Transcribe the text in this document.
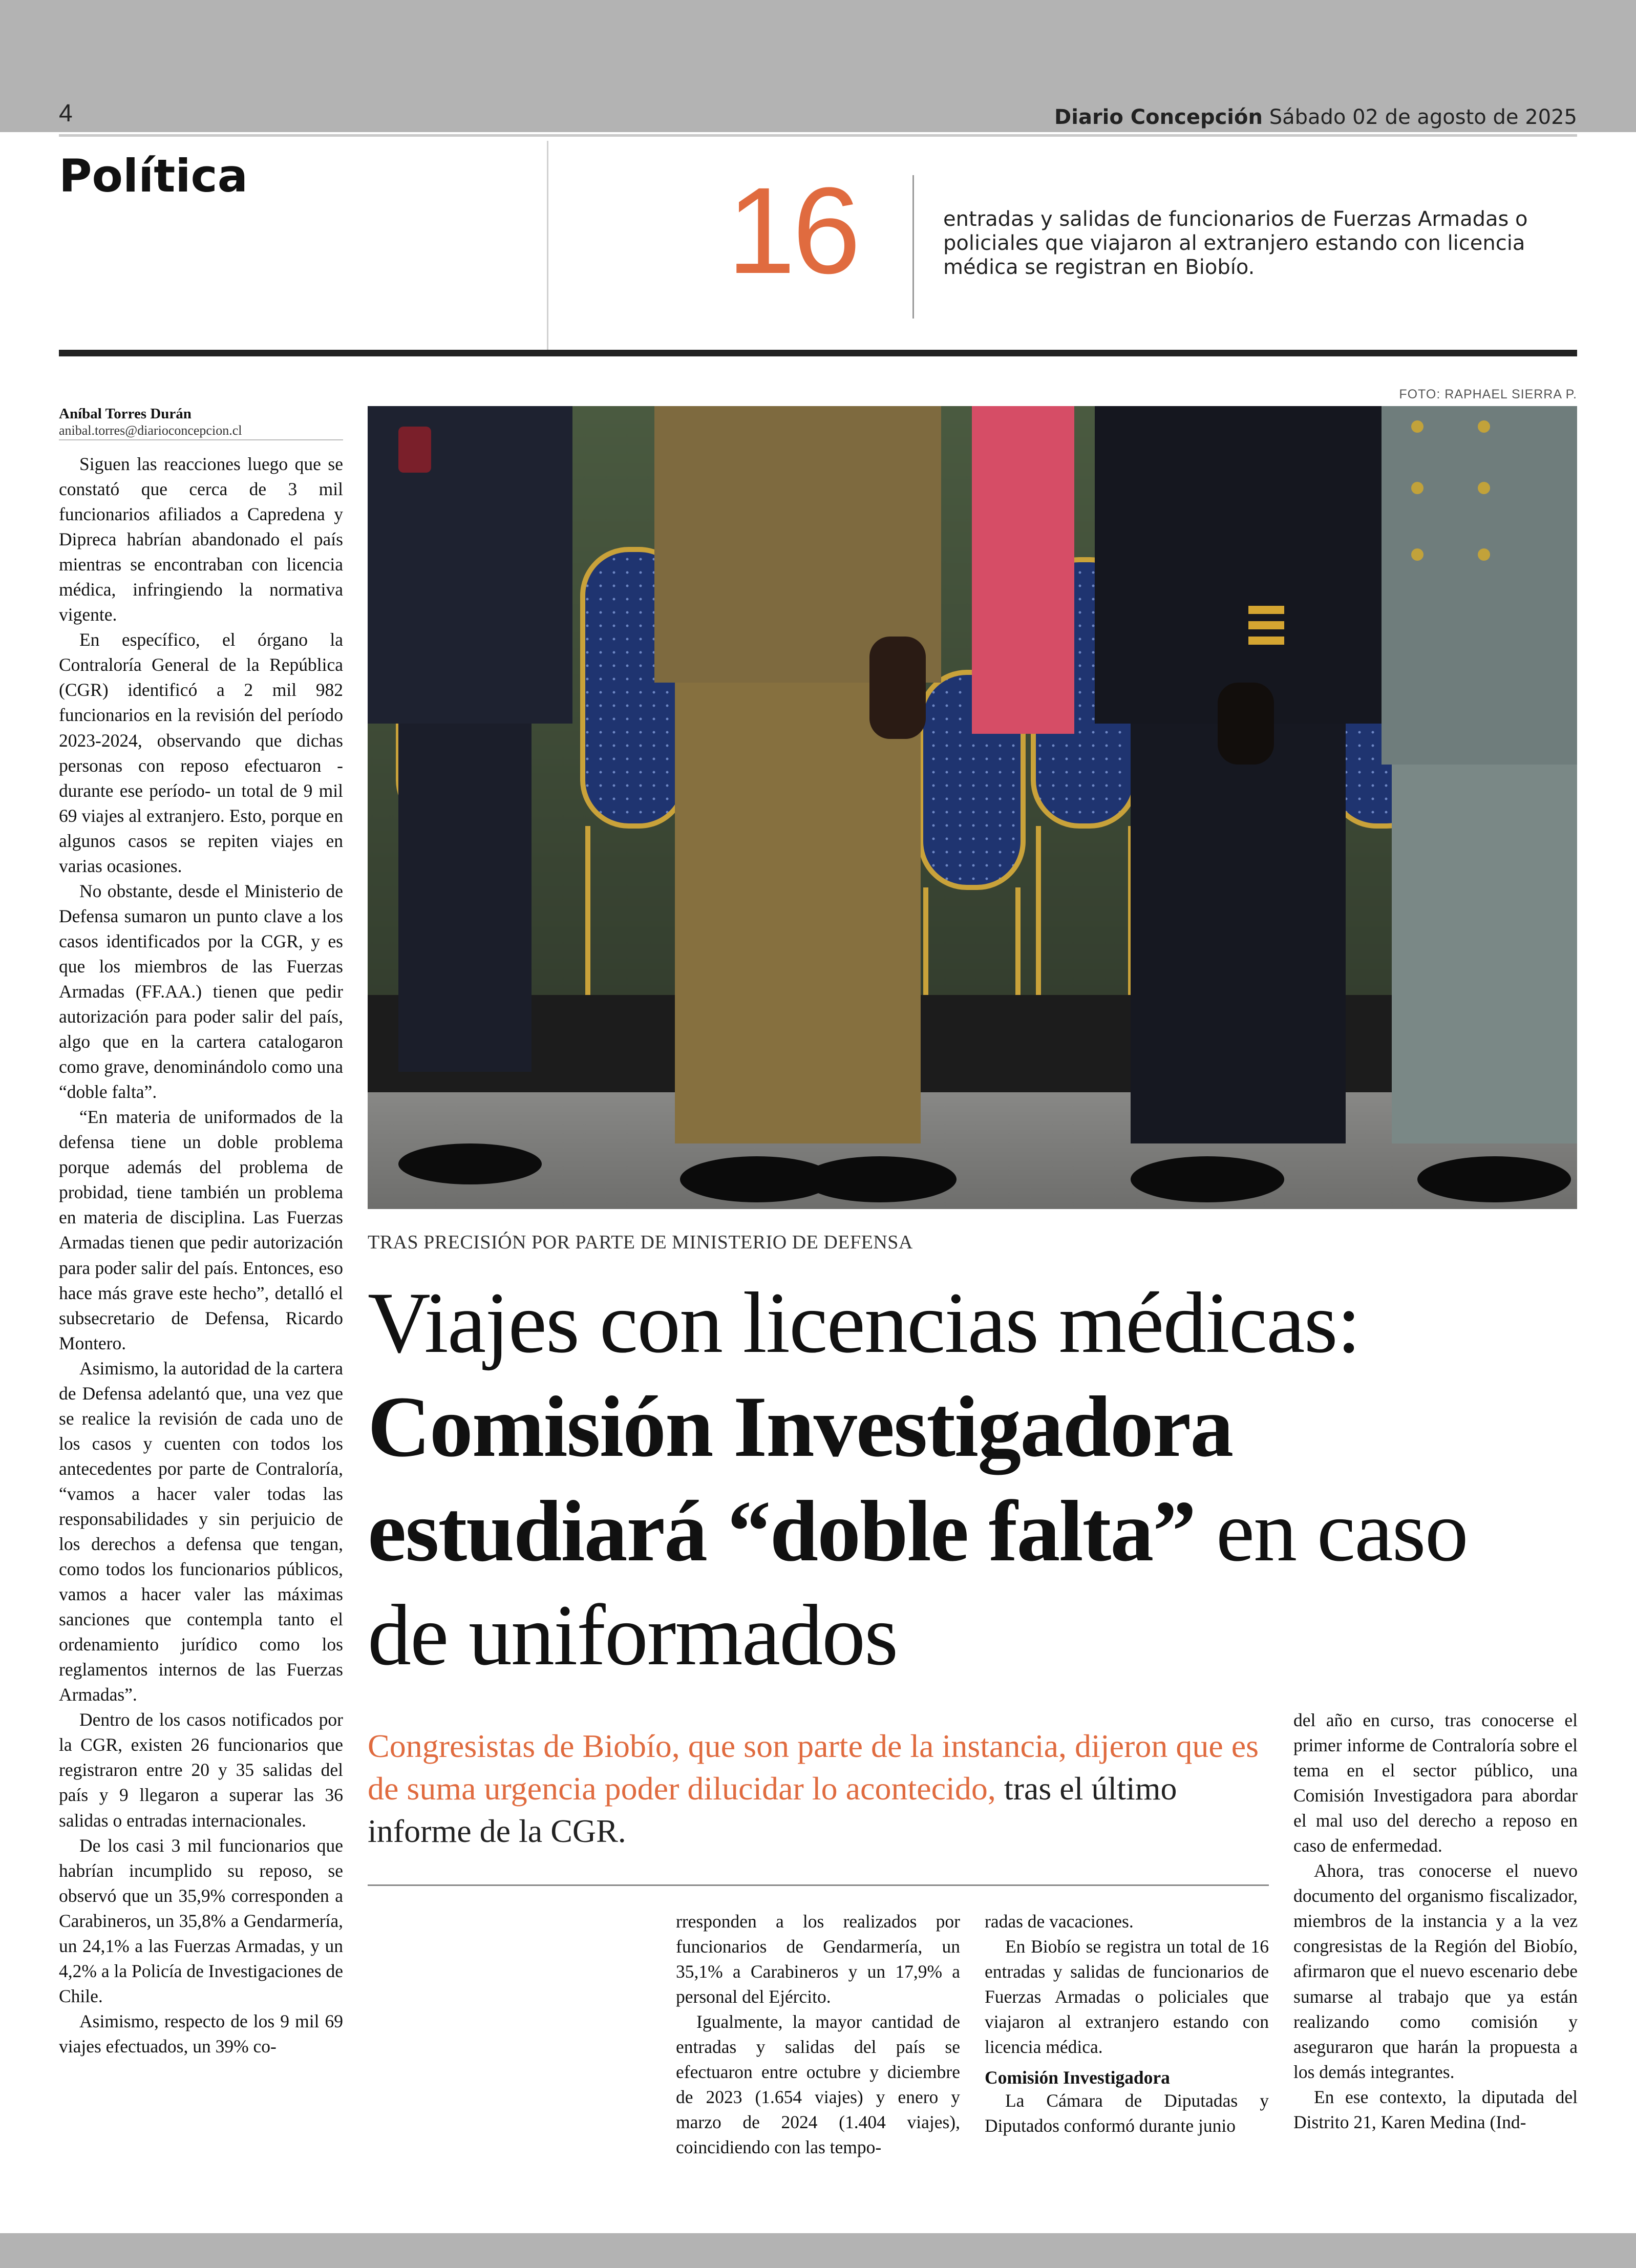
4	Diario Concepción Sábado 02 de agosto de 2025
Política	16	entradas y salidas de funcionarios de Fuerzas Armadas o policiales que viajaron al extranjero estando con licencia médica se registran en Biobío.
FOTO: RAPHAEL SIERRA P.
Aníbal Torres Durán
anibal.torres@diarioconcepcion.cl

Siguen las reacciones luego que se constató que cerca de 3 mil funcionarios afiliados a Capredena y Dipreca habrían abandonado el país mientras se encontraban con licencia médica, infringiendo la normativa vigente.

En específico, el órgano la Contraloría General de la República (CGR) identificó a 2 mil 982 funcionarios en la revisión del período 2023-2024, observando que dichas personas con reposo efectuaron -durante ese período- un total de 9 mil 69 viajes al extranjero. Esto, porque en algunos casos se repiten viajes en varias ocasiones.

No obstante, desde el Ministerio de Defensa sumaron un punto clave a los casos identificados por la CGR, y es que los miembros de las Fuerzas Armadas (FF.AA.) tienen que pedir autorización para poder salir del país, algo que en la cartera catalogaron como grave, denominándolo como una “doble falta”.

“En materia de uniformados de la defensa tiene un doble problema porque además del problema de probidad, tiene también un problema en materia de disciplina. Las Fuerzas Armadas tienen que pedir autorización para poder salir del país. Entonces, eso hace más grave este hecho”, detalló el subsecretario de Defensa, Ricardo Montero.

Asimismo, la autoridad de la cartera de Defensa adelantó que, una vez que se realice la revisión de cada uno de los casos y cuenten con todos los antecedentes por parte de Contraloría, “vamos a hacer valer todas las responsabilidades y sin perjuicio de los derechos a defensa que tengan, como todos los funcionarios públicos, vamos a hacer valer las máximas sanciones que contempla tanto el ordenamiento jurídico como los reglamentos internos de las Fuerzas Armadas”.

Dentro de los casos notificados por la CGR, existen 26 funcionarios que registraron entre 20 y 35 salidas del país y 9 llegaron a superar las 36 salidas o entradas internacionales.

De los casi 3 mil funcionarios que habrían incumplido su reposo, se observó que un 35,9% corresponden a Carabineros, un 35,8% a Gendarmería, un 24,1% a las Fuerzas Armadas, y un 4,2% a la Policía de Investigaciones de Chile.

Asimismo, respecto de los 9 mil 69 viajes efectuados, un 39% co-

TRAS PRECISIÓN POR PARTE DE MINISTERIO DE DEFENSA
Viajes con licencias médicas: Comisión Investigadora estudiará “doble falta” en caso de uniformados
Congresistas de Biobío, que son parte de la instancia, dijeron que es de suma urgencia poder dilucidar lo acontecido, tras el último informe de la CGR.

rresponden a los realizados por funcionarios de Gendarmería, un 35,1% a Carabineros y un 17,9% a personal del Ejército.

Igualmente, la mayor cantidad de entradas y salidas del país se efectuaron entre octubre y diciembre de 2023 (1.654 viajes) y enero y marzo de 2024 (1.404 viajes), coincidiendo con las tempo-

radas de vacaciones.

En Biobío se registra un total de 16 entradas y salidas de funcionarios de Fuerzas Armadas o policiales que viajaron al extranjero estando con licencia médica.

Comisión Investigadora

La Cámara de Diputadas y Diputados conformó durante junio

del año en curso, tras conocerse el primer informe de Contraloría sobre el tema en el sector público, una Comisión Investigadora para abordar el mal uso del derecho a reposo en caso de enfermedad.

Ahora, tras conocerse el nuevo documento del organismo fiscalizador, miembros de la instancia y a la vez congresistas de la Región del Biobío, afirmaron que el nuevo escenario debe sumarse al trabajo que ya están realizando como comisión y aseguraron que harán la propuesta a los demás integrantes.

En ese contexto, la diputada del Distrito 21, Karen Medina (Ind-
